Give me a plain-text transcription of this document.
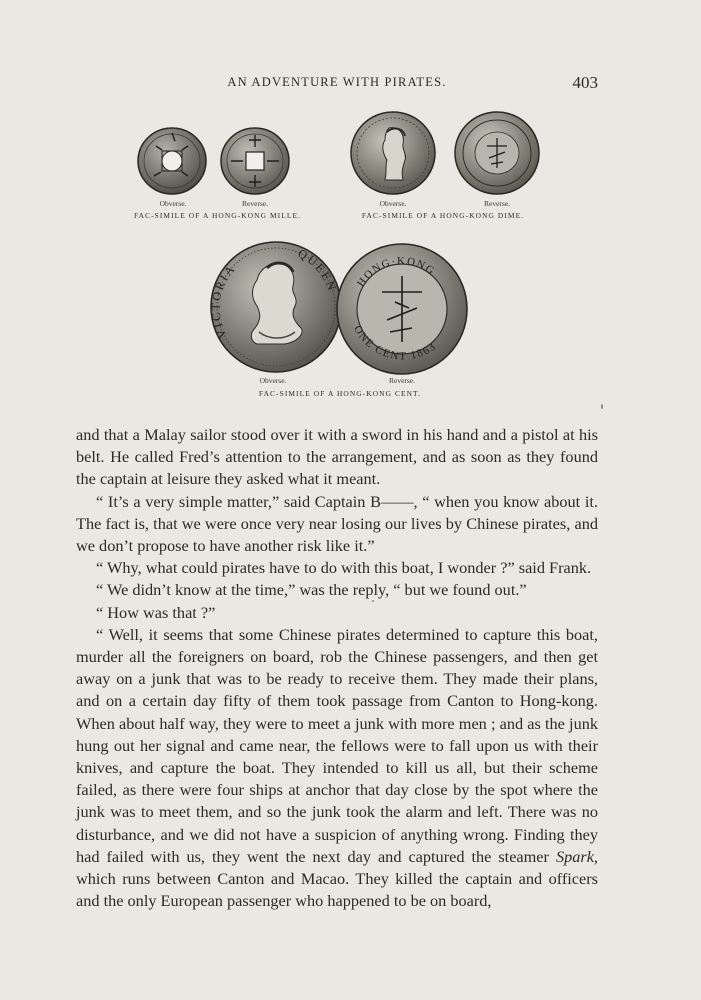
AN ADVENTURE WITH PIRATES.	403
Obverse.	Reverse.
FAC-SIMILE OF A HONG-KONG MILLE.
Obverse.	Reverse.
FAC-SIMILE OF A HONG-KONG DIME.
VICTORIA
QUEEN HONG·KONG
ONE CENT 1863
Obverse.	Reverse.
FAC-SIMILE OF A HONG-KONG CENT.

and that a Malay sailor stood over it with a sword in his hand and a pistol at his belt. He called Fred’s attention to the arrangement, and as soon as they found the captain at leisure they asked what it meant.

“ It’s a very simple matter,” said Captain B——, “ when you know about it. The fact is, that we were once very near losing our lives by Chinese pirates, and we don’t propose to have another risk like it.”

“ Why, what could pirates have to do with this boat, I wonder ?” said Frank.

“ We didn’t know at the time,” was the reply, “ but we found out.”

“ How was that ?”

“ Well, it seems that some Chinese pirates determined to capture this boat, murder all the foreigners on board, rob the Chinese passengers, and then get away on a junk that was to be ready to receive them. They made their plans, and on a certain day fifty of them took passage from Canton to Hong-kong. When about half way, they were to meet a junk with more men ; and as the junk hung out her signal and came near, the fellows were to fall upon us with their knives, and capture the boat. They intended to kill us all, but their scheme failed, as there were four ships at anchor that day close by the spot where the junk was to meet them, and so the junk took the alarm and left. There was no disturbance, and we did not have a suspicion of anything wrong. Finding they had failed with us, they went the next day and captured the steamer Spark, which runs between Canton and Macao. They killed the captain and officers and the only European passenger who happened to be on board,
